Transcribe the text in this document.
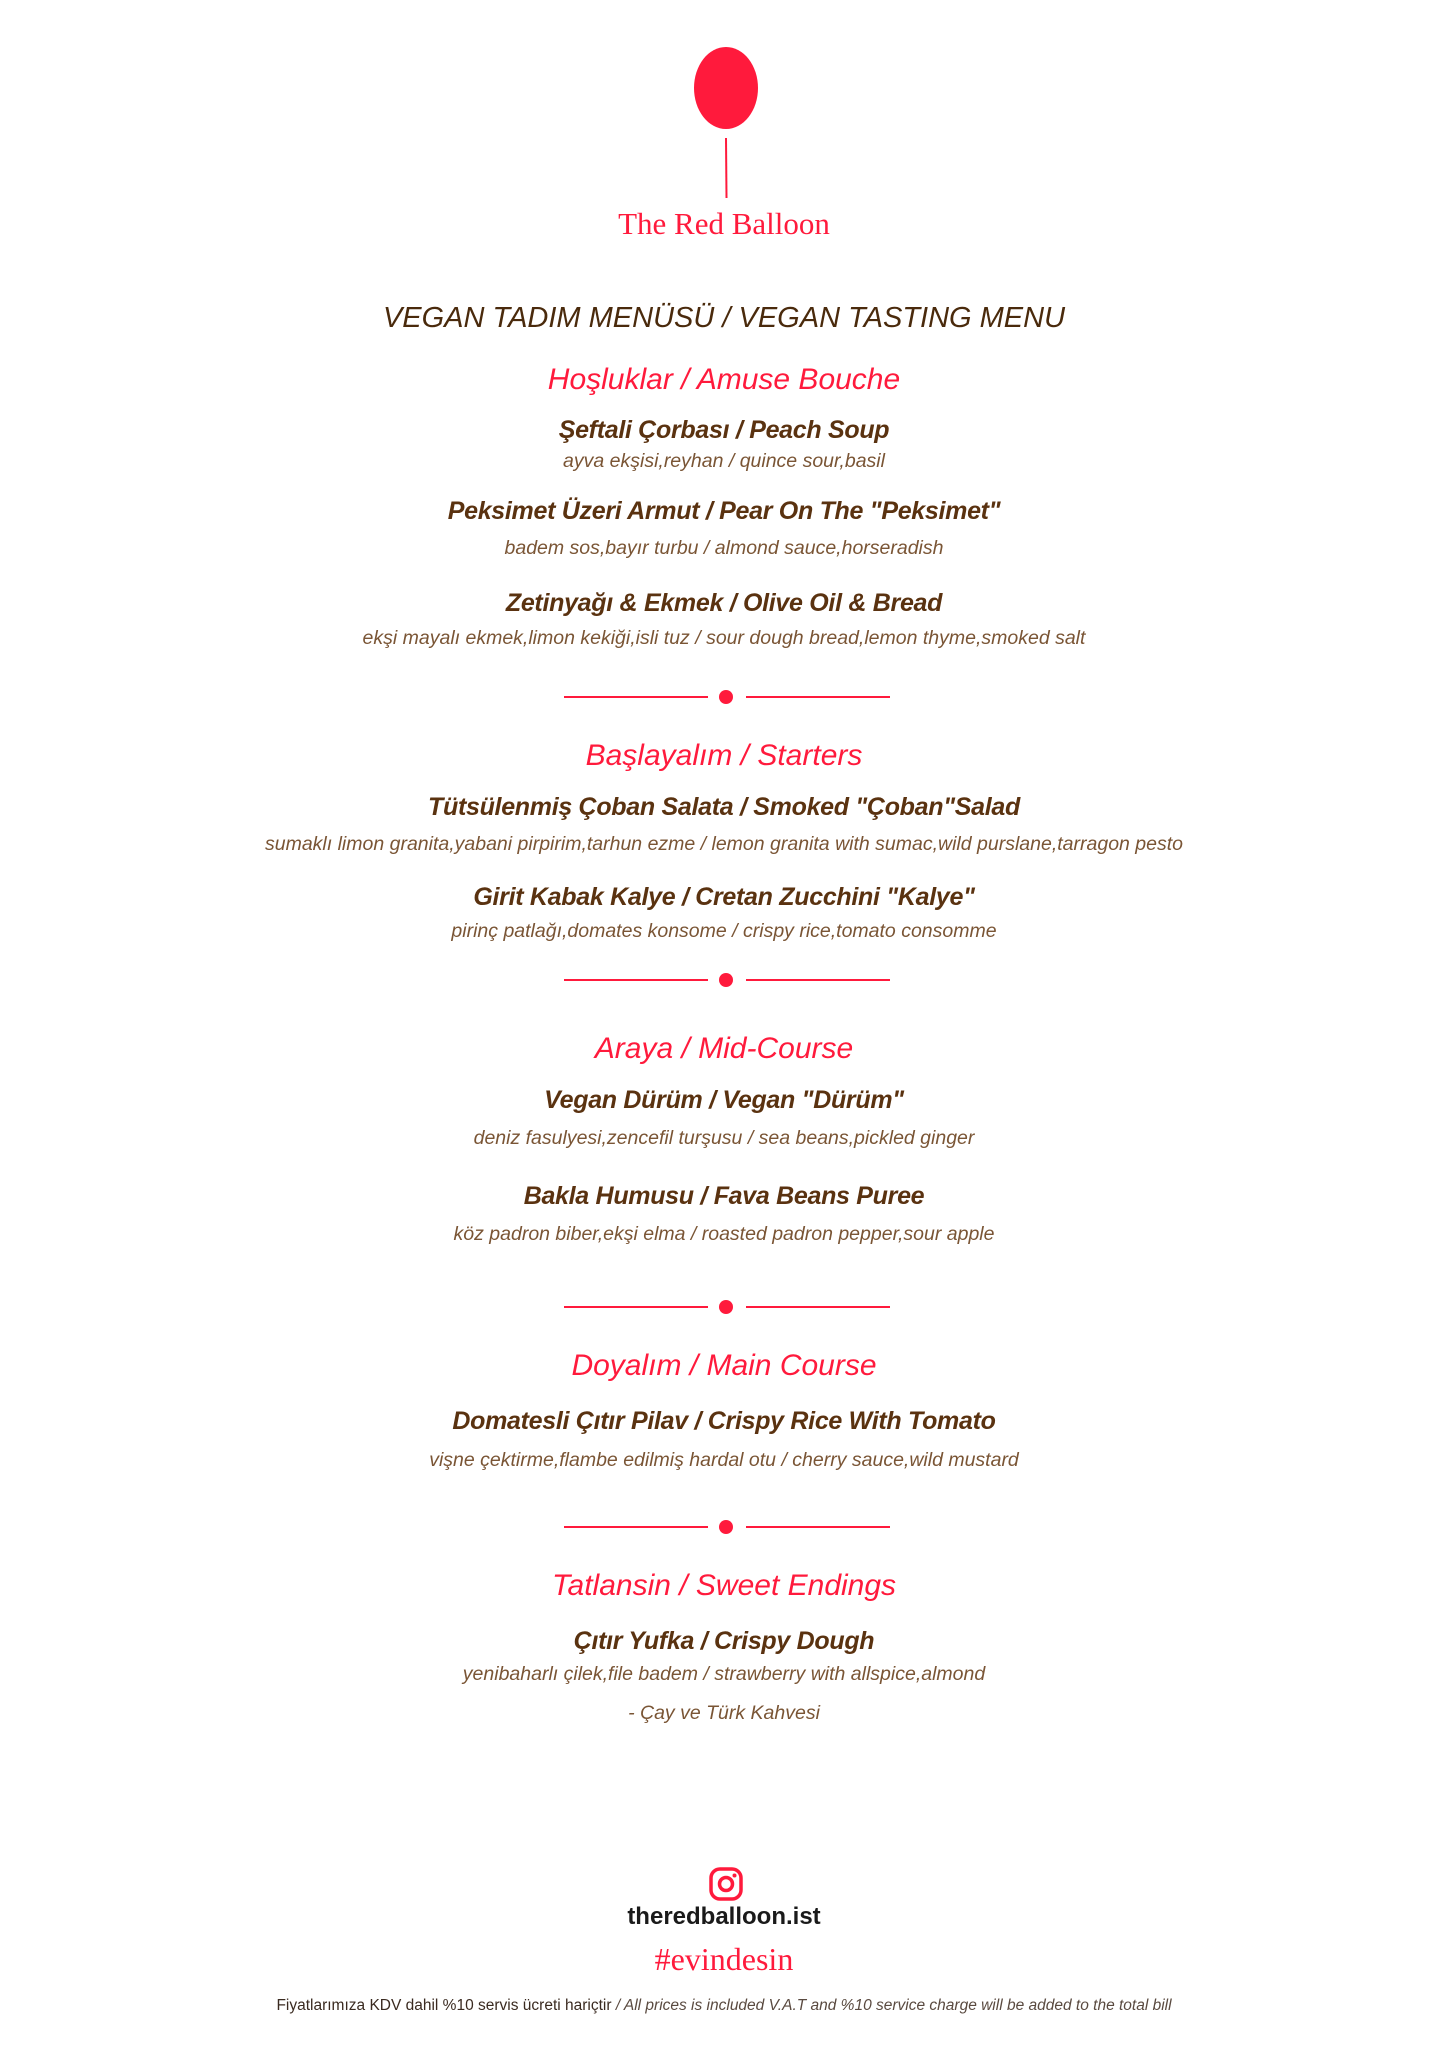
The Red Balloon
VEGAN TADIM MENÜSÜ / VEGAN TASTING MENU
Hoşluklar / Amuse Bouche
Şeftali Çorbası / Peach Soup
ayva ekşisi,reyhan / quince sour,basil
Peksimet Üzeri Armut / Pear On The "Peksimet"
badem sos,bayır turbu / almond sauce,horseradish
Zetinyağı & Ekmek / Olive Oil & Bread
ekşi mayalı ekmek,limon kekiği,isli tuz / sour dough bread,lemon thyme,smoked salt
Başlayalım / Starters
Tütsülenmiş Çoban Salata / Smoked "Çoban"Salad
sumaklı limon granita,yabani pirpirim,tarhun ezme / lemon granita with sumac,wild purslane,tarragon pesto
Girit Kabak Kalye / Cretan Zucchini "Kalye"
pirinç patlağı,domates konsome / crispy rice,tomato consomme
Araya / Mid-Course
Vegan Dürüm / Vegan "Dürüm"
deniz fasulyesi,zencefil turşusu / sea beans,pickled ginger
Bakla Humusu / Fava Beans Puree
köz padron biber,ekşi elma / roasted padron pepper,sour apple
Doyalım / Main Course
Domatesli Çıtır Pilav / Crispy Rice With Tomato
vişne çektirme,flambe edilmiş hardal otu / cherry sauce,wild mustard
Tatlansin / Sweet Endings
Çıtır Yufka / Crispy Dough
yenibaharlı çilek,file badem / strawberry with allspice,almond
- Çay ve Türk Kahvesi
theredballoon.ist
#evindesin
Fiyatlarımıza KDV dahil %10 servis ücreti hariçtir / All prices is included V.A.T and %10 service charge will be added to the total bill
